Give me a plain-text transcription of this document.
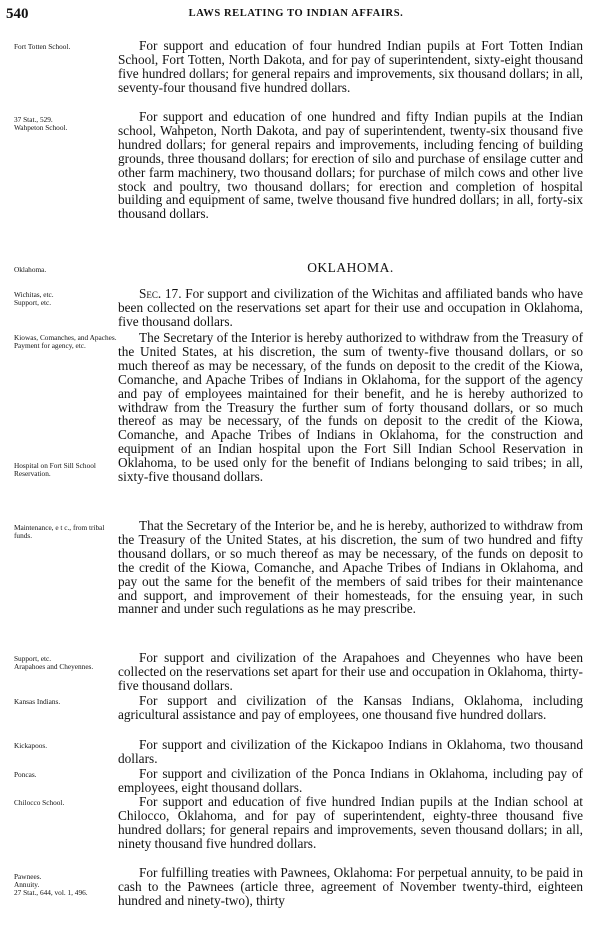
540	LAWS RELATING TO INDIAN AFFAIRS.
Fort Totten School.	For support and education of four hundred Indian pupils at Fort Totten Indian School, Fort Totten, North Dakota, and for pay of superintendent, sixty-eight thousand five hundred dollars; for general repairs and improvements, six thousand dollars; in all, seventy-four thousand five hundred dollars.
37 Stat., 529.
Wahpeton School.
For support and education of one hundred and fifty Indian pupils at the Indian school, Wahpeton, North Dakota, and pay of superintendent, twenty-six thousand five hundred dollars; for general repairs and improvements, including fencing of building grounds, three thousand dollars; for erection of silo and purchase of ensilage cutter and other farm machinery, two thousand dollars; for purchase of milch cows and other live stock and poultry, two thousand dollars; for erection and completion of hospital building and equipment of same, twelve thousand five hundred dollars; in all, forty-six thousand dollars.
Oklahoma.	OKLAHOMA.
Wichitas, etc.
Support, etc.
Sec. 17. For support and civilization of the Wichitas and affiliated bands who have been collected on the reservations set apart for their use and occupation in Oklahoma, five thousand dollars.
Kiowas, Comanches, and Apaches.
Payment for agency, etc.
Hospital on Fort Sill School Reservation.
The Secretary of the Interior is hereby authorized to withdraw from the Treasury of the United States, at his discretion, the sum of twenty-five thousand dollars, or so much thereof as may be necessary, of the funds on deposit to the credit of the Kiowa, Comanche, and Apache Tribes of Indians in Oklahoma, for the support of the agency and pay of employees maintained for their benefit, and he is hereby authorized to withdraw from the Treasury the further sum of forty thousand dollars, or so much thereof as may be necessary, of the funds on deposit to the credit of the Kiowa, Comanche, and Apache Tribes of Indians in Oklahoma, for the construction and equipment of an Indian hospital upon the Fort Sill Indian School Reservation in Oklahoma, to be used only for the benefit of Indians belonging to said tribes; in all, sixty-five thousand dollars.
Maintenance, e t c., from tribal funds.
That the Secretary of the Interior be, and he is hereby, authorized to withdraw from the Treasury of the United States, at his discretion, the sum of two hundred and fifty thousand dollars, or so much thereof as may be necessary, of the funds on deposit to the credit of the Kiowa, Comanche, and Apache Tribes of Indians in Oklahoma, and pay out the same for the benefit of the members of said tribes for their maintenance and support, and improvement of their homesteads, for the ensuing year, in such manner and under such regulations as he may prescribe.
Support, etc.
Arapahoes and Cheyennes.
For support and civilization of the Arapahoes and Cheyennes who have been collected on the reservations set apart for their use and occupation in Oklahoma, thirty-five thousand dollars.
Kansas Indians.	For support and civilization of the Kansas Indians, Oklahoma, including agricultural assistance and pay of employees, one thousand five hundred dollars.
Kickapoos.	For support and civilization of the Kickapoo Indians in Oklahoma, two thousand dollars.
Poncas.	For support and civilization of the Ponca Indians in Oklahoma, including pay of employees, eight thousand dollars.
Chilocco School.	For support and education of five hundred Indian pupils at the Indian school at Chilocco, Oklahoma, and for pay of superintendent, eighty-three thousand five hundred dollars; for general repairs and improvements, seven thousand dollars; in all, ninety thousand five hundred dollars.
Pawnees.
Annuity.
27 Stat., 644, vol. 1, 496.
For fulfilling treaties with Pawnees, Oklahoma: For perpetual annuity, to be paid in cash to the Pawnees (article three, agreement of November twenty-third, eighteen hundred and ninety-two), thirty
